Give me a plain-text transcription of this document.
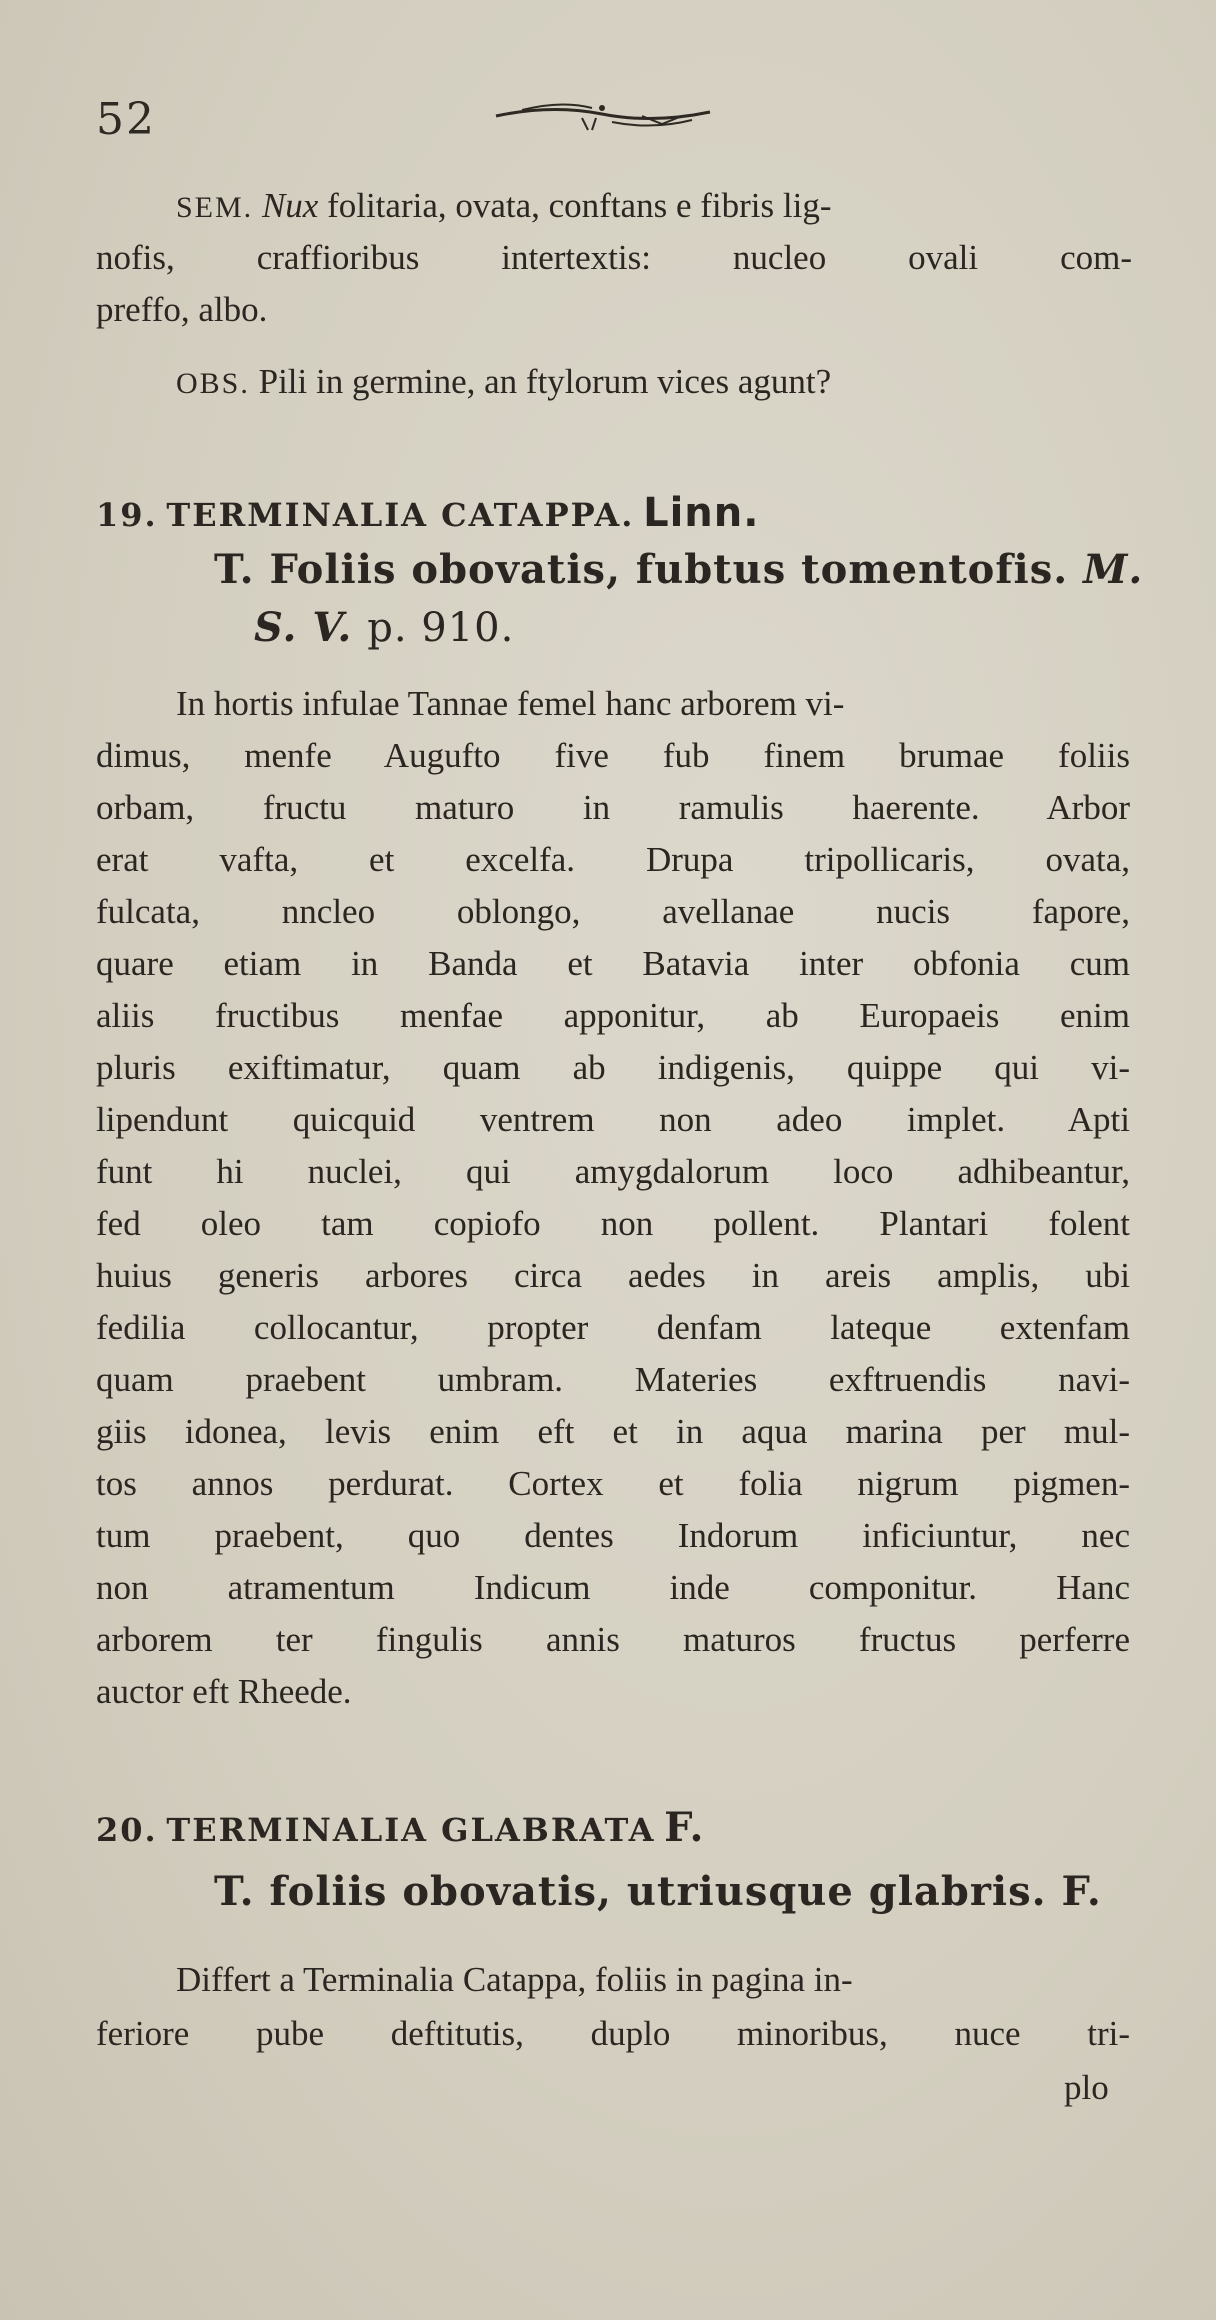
52
SEM. Nux folitaria, ovata, conftans e fibris lig-
nofis, craffioribus intertextis: nucleo ovali com-
preffo, albo.
OBS. Pili in germine, an ftylorum vices agunt?
19. TERMINALIA CATAPPA. Linn.
T. Foliis obovatis, fubtus tomentofis. M.
S. V. p. 910.
In hortis infulae Tannae femel hanc arborem vi-
dimus, menfe Augufto five fub finem brumae foliis
orbam, fructu maturo in ramulis haerente. Arbor
erat vafta, et excelfa. Drupa tripollicaris, ovata,
fulcata, nncleo oblongo, avellanae nucis fapore,
quare etiam in Banda et Batavia inter obfonia cum
aliis fructibus menfae apponitur, ab Europaeis enim
pluris exiftimatur, quam ab indigenis, quippe qui vi-
lipendunt quicquid ventrem non adeo implet. Apti
funt hi nuclei, qui amygdalorum loco adhibeantur,
fed oleo tam copiofo non pollent. Plantari folent
huius generis arbores circa aedes in areis amplis, ubi
fedilia collocantur, propter denfam lateque extenfam
quam praebent umbram. Materies exftruendis navi-
giis idonea, levis enim eft et in aqua marina per mul-
tos annos perdurat. Cortex et folia nigrum pigmen-
tum praebent, quo dentes Indorum inficiuntur, nec
non atramentum Indicum inde componitur. Hanc
arborem ter fingulis annis maturos fructus perferre
auctor eft Rheede.
20. TERMINALIA GLABRATA F.
T. foliis obovatis, utriusque glabris. F.
Differt a Terminalia Catappa, foliis in pagina in-
feriore pube deftitutis, duplo minoribus, nuce tri-
plo
